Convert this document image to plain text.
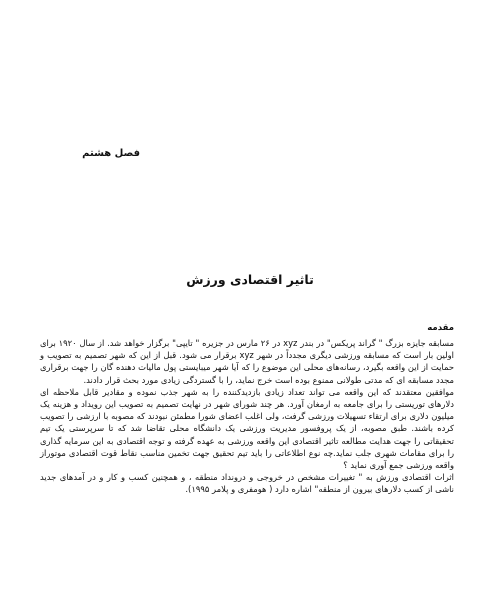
فصل هشتم
تاثیر اقتصادی ورزش
مقدمه

مسابقه جایزه بزرگ " گراند پریکس" در بندر xyz در ۲۶ مارس در جزیره " تایپی" برگزار خواهد شد. از سال ۱۹۲۰ برای اولین بار است که مسابقه ورزشی دیگری مجدداً در شهر xyz برقرار می شود. قبل از این که شهر تصمیم به تصویب و حمایت از این واقعه بگیرد، رسانه‌های محلی این موضوع را که آیا شهر میبایستی پول مالیات دهنده گان را جهت برقراری مجدد مسابقه ای که مدتی طولانی ممنوع بوده است خرج نماید، را با گستردگی زیادی مورد بحث قرار دادند.

موافقین معتقدند که این واقعه می تواند تعداد زیادی بازدیدکننده را به شهر جذب نموده و مقادیر قابل ملاحظه ای دلارهای توریستی را برای جامعه به ارمغان آورد. هر چند شورای شهر در نهایت تصمیم به تصویب این رویداد و هزینه یک میلیون دلاری برای ارتقاء تسهیلات ورزشی گرفت، ولی اغلب اعضای شورا مطمئن نبودند که مصوبه با ارزشی را تصویب کرده باشند. طبق مصوبه، از یک پروفسور مدیریت ورزشی یک دانشگاه محلی تقاضا شد که تا سرپرستی یک تیم تحقیقاتی را جهت هدایت مطالعه تاثیر اقتصادی این واقعه ورزشی به عهده گرفته و توجه اقتصادی به این سرمایه گذاری را برای مقامات شهری جلب نماید.چه نوع اطلاعاتی را باید تیم تحقیق جهت تخمین مناسب نقاط قوت اقتصادی موتوراز واقعه ورزشی جمع آوری نماید ؟

اثرات اقتصادی ورزش به " تغییرات مشخص در خروجی و درونداد منطقه ، و همچنین کسب و کار و در آمدهای جدید ناشی از کسب دلارهای بیرون از منطقه" اشاره دارد ( هومفری و پلامر ۱۹۹۵).
